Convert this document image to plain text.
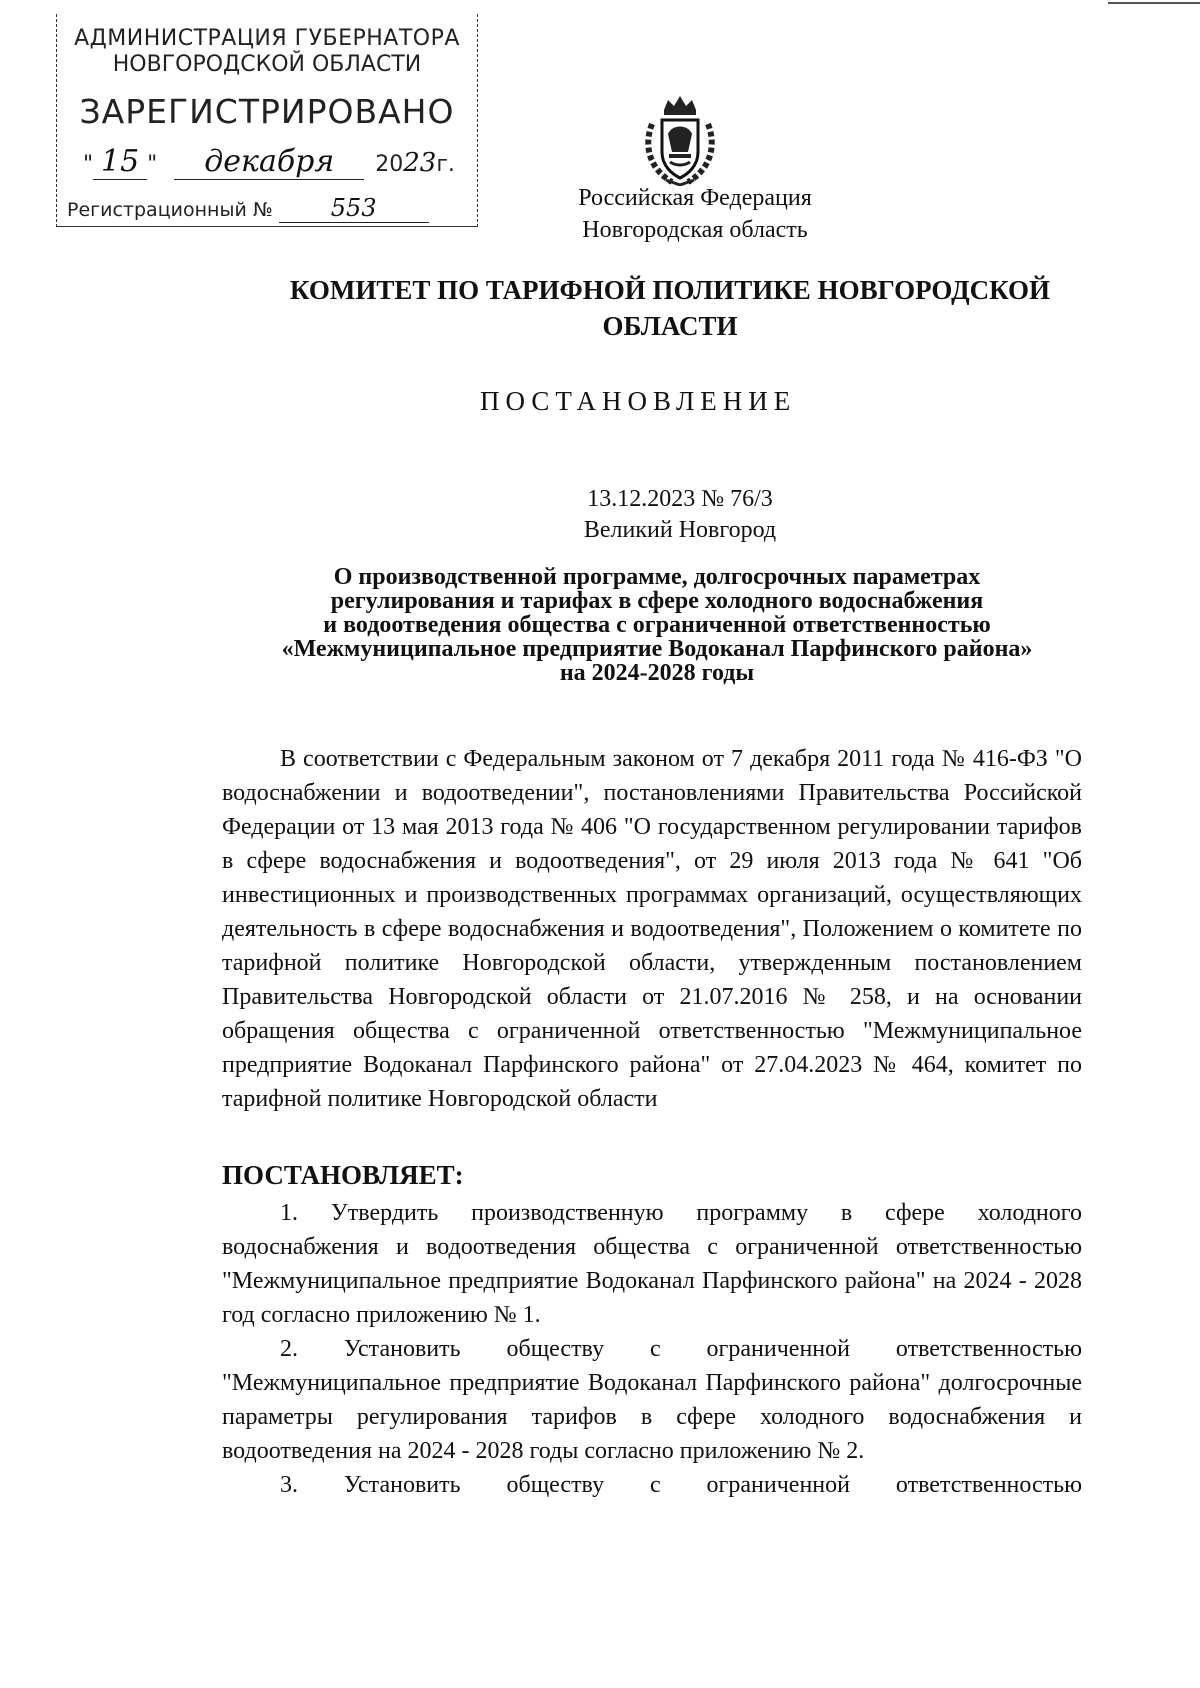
АДМИНИСТРАЦИЯ ГУБЕРНАТОРА
НОВГОРОДСКОЙ ОБЛАСТИ
ЗАРЕГИСТРИРОВАНО
" 15 " декабря 2023г.
Регистрационный № 553	Российская Федерация
Новгородская область
КОМИТЕТ ПО ТАРИФНОЙ ПОЛИТИКЕ НОВГОРОДСКОЙ ОБЛАСТИ
ПОСТАНОВЛЕНИЕ
13.12.2023 № 76/3
Великий Новгород
О производственной программе, долгосрочных параметрах
регулирования и тарифах в сфере холодного водоснабжения
и водоотведения общества с ограниченной ответственностью
«Межмуниципальное предприятие Водоканал Парфинского района»
на 2024-2028 годы
В соответствии с Федеральным законом от 7 декабря 2011 года № 416-ФЗ "О водоснабжении и водоотведении", постановлениями Правительства Российской Федерации от 13 мая 2013 года № 406 "О государственном регулировании тарифов в сфере водоснабжения и водоотведения", от 29 июля 2013 года № 641 "Об инвестиционных и производственных программах организаций, осуществляющих деятельность в сфере водоснабжения и водоотведения", Положением о комитете по тарифной политике Новгородской области, утвержденным постановлением Правительства Новгородской области от 21.07.2016 № 258, и на основании обращения общества с ограниченной ответственностью "Межмуниципальное предприятие Водоканал Парфинского района" от 27.04.2023 № 464, комитет по тарифной политике Новгородской области
ПОСТАНОВЛЯЕТ:

1. Утвердить производственную программу в сфере холодного водоснабжения и водоотведения общества с ограниченной ответственностью "Межмуниципальное предприятие Водоканал Парфинского района" на 2024 - 2028 год согласно приложению № 1.

2. Установить обществу с ограниченной ответственностью "Межмуниципальное предприятие Водоканал Парфинского района" долгосрочные параметры регулирования тарифов в сфере холодного водоснабжения и водоотведения на 2024 - 2028 годы согласно приложению № 2.

3. Установить обществу с ограниченной ответственностью
